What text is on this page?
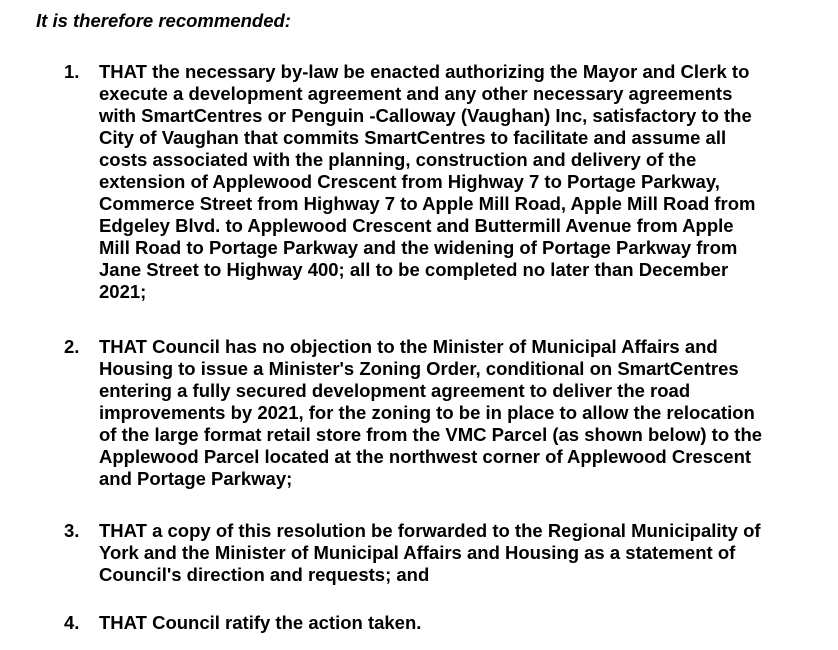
It is therefore recommended:
1. THAT the necessary by-law be enacted authorizing the Mayor and Clerk to
execute a development agreement and any other necessary agreements
with SmartCentres or Penguin -Calloway (Vaughan) Inc, satisfactory to the
City of Vaughan that commits SmartCentres to facilitate and assume all
costs associated with the planning, construction and delivery of the
extension of Applewood Crescent from Highway 7 to Portage Parkway,
Commerce Street from Highway 7 to Apple Mill Road, Apple Mill Road from
Edgeley Blvd. to Applewood Crescent and Buttermill Avenue from Apple
Mill Road to Portage Parkway and the widening of Portage Parkway from
Jane Street to Highway 400; all to be completed no later than December
2021;
2. THAT Council has no objection to the Minister of Municipal Affairs and
Housing to issue a Minister's Zoning Order, conditional on SmartCentres
entering a fully secured development agreement to deliver the road
improvements by 2021, for the zoning to be in place to allow the relocation
of the large format retail store from the VMC Parcel (as shown below) to the
Applewood Parcel located at the northwest corner of Applewood Crescent
and Portage Parkway;
3. THAT a copy of this resolution be forwarded to the Regional Municipality of
York and the Minister of Municipal Affairs and Housing as a statement of
Council's direction and requests; and
4. THAT Council ratify the action taken.
